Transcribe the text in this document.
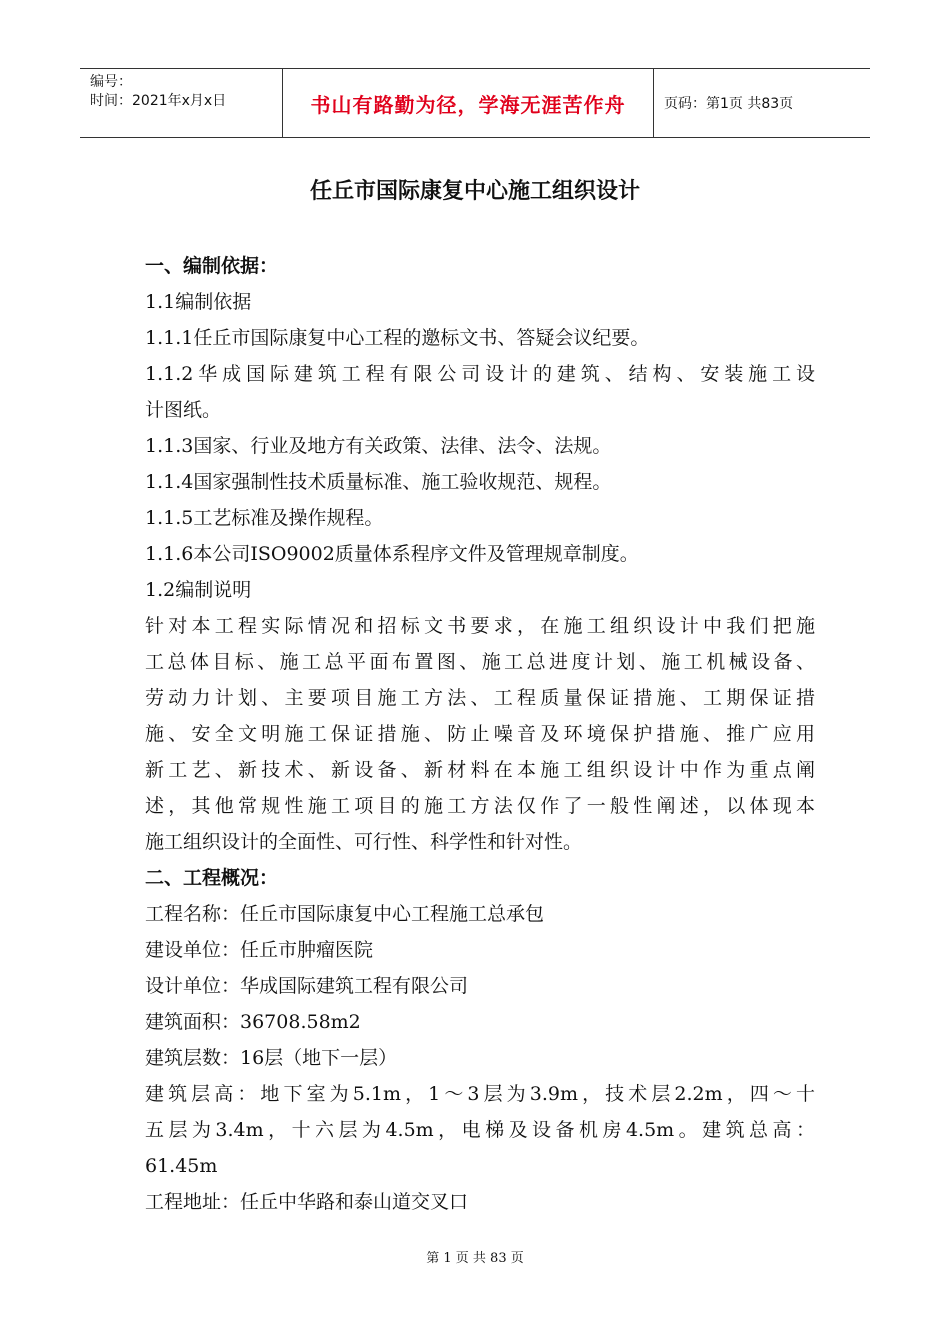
编号：
时间：2021年x月x日	书山有路勤为径，学海无涯苦作舟	页码：第1页 共83页
任丘市国际康复中心施工组织设计
一、编制依据：
1.1编制依据
1.1.1任丘市国际康复中心工程的邀标文书、答疑会议纪要。
1.1.2华成国际建筑工程有限公司设计的建筑、结构、安装施工设
计图纸。
1.1.3国家、行业及地方有关政策、法律、法令、法规。
1.1.4国家强制性技术质量标准、施工验收规范、规程。
1.1.5工艺标准及操作规程。
1.1.6本公司ISO9002质量体系程序文件及管理规章制度。
1.2编制说明
针对本工程实际情况和招标文书要求，在施工组织设计中我们把施
工总体目标、施工总平面布置图、施工总进度计划、施工机械设备、
劳动力计划、主要项目施工方法、工程质量保证措施、工期保证措
施、安全文明施工保证措施、防止噪音及环境保护措施、推广应用
新工艺、新技术、新设备、新材料在本施工组织设计中作为重点阐
述，其他常规性施工项目的施工方法仅作了一般性阐述，以体现本
施工组织设计的全面性、可行性、科学性和针对性。
二、工程概况：
工程名称：任丘市国际康复中心工程施工总承包
建设单位：任丘市肿瘤医院
设计单位：华成国际建筑工程有限公司
建筑面积：36708.58m2
建筑层数：16层（地下一层）
建筑层高：地下室为5.1m，1～3层为3.9m，技术层2.2m，四～十
五层为3.4m，十六层为4.5m，电梯及设备机房4.5m。建筑总高：
61.45m
工程地址：任丘中华路和泰山道交叉口
第 1 页 共 83 页
